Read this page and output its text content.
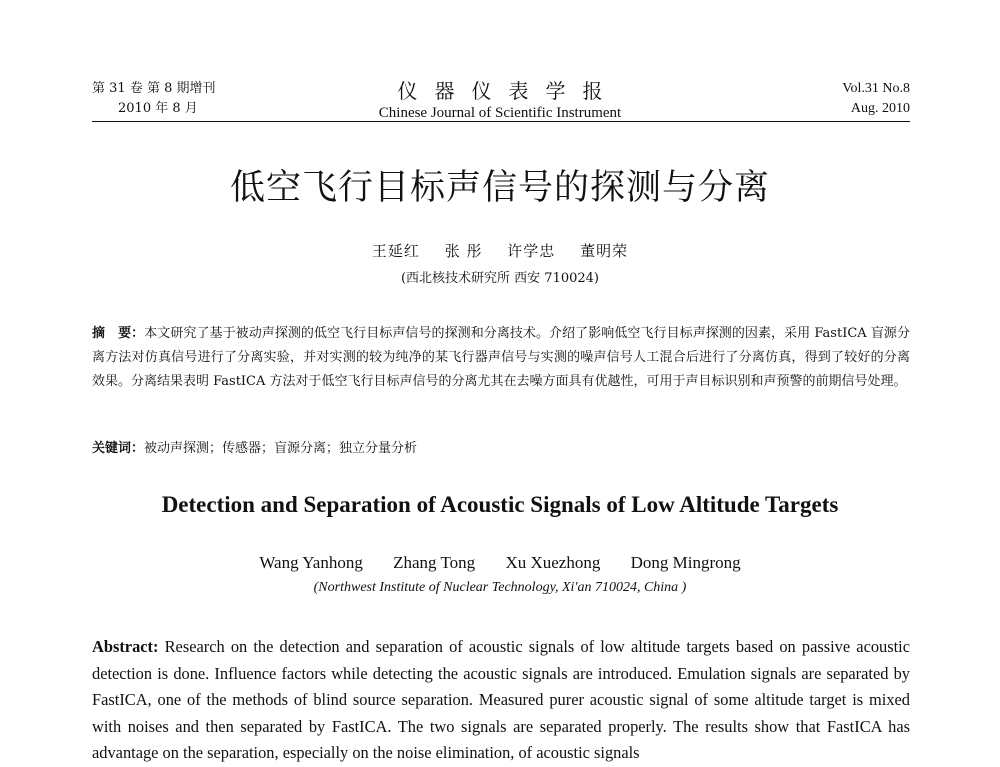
第 31 卷 第 8 期增刊
2010 年 8 月
仪器仪表学报
Chinese Journal of Scientific Instrument
Vol.31 No.8
Aug. 2010
低空飞行目标声信号的探测与分离
王延红 张 彤 许学忠 董明荣
(西北核技术研究所 西安 710024)
摘　要：本文研究了基于被动声探测的低空飞行目标声信号的探测和分离技术。介绍了影响低空飞行目标声探测的因素，采用 FastICA 盲源分离方法对仿真信号进行了分离实验，并对实测的较为纯净的某飞行器声信号与实测的噪声信号人工混合后进行了分离仿真，得到了较好的分离效果。分离结果表明 FastICA 方法对于低空飞行目标声信号的分离尤其在去噪方面具有优越性，可用于声目标识别和声预警的前期信号处理。
关键词：被动声探测；传感器；盲源分离；独立分量分析
Detection and Separation of Acoustic Signals of Low Altitude Targets
Wang Yanhong Zhang Tong Xu Xuezhong Dong Mingrong
(Northwest Institute of Nuclear Technology, Xi'an 710024, China )
Abstract: Research on the detection and separation of acoustic signals of low altitude targets based on passive acoustic detection is done. Influence factors while detecting the acoustic signals are introduced. Emulation signals are separated by FastICA, one of the methods of blind source separation. Measured purer acoustic signal of some altitude target is mixed with noises and then separated by FastICA. The two signals are separated properly. The results show that FastICA has advantage on the separation, especially on the noise elimination, of acoustic signals
